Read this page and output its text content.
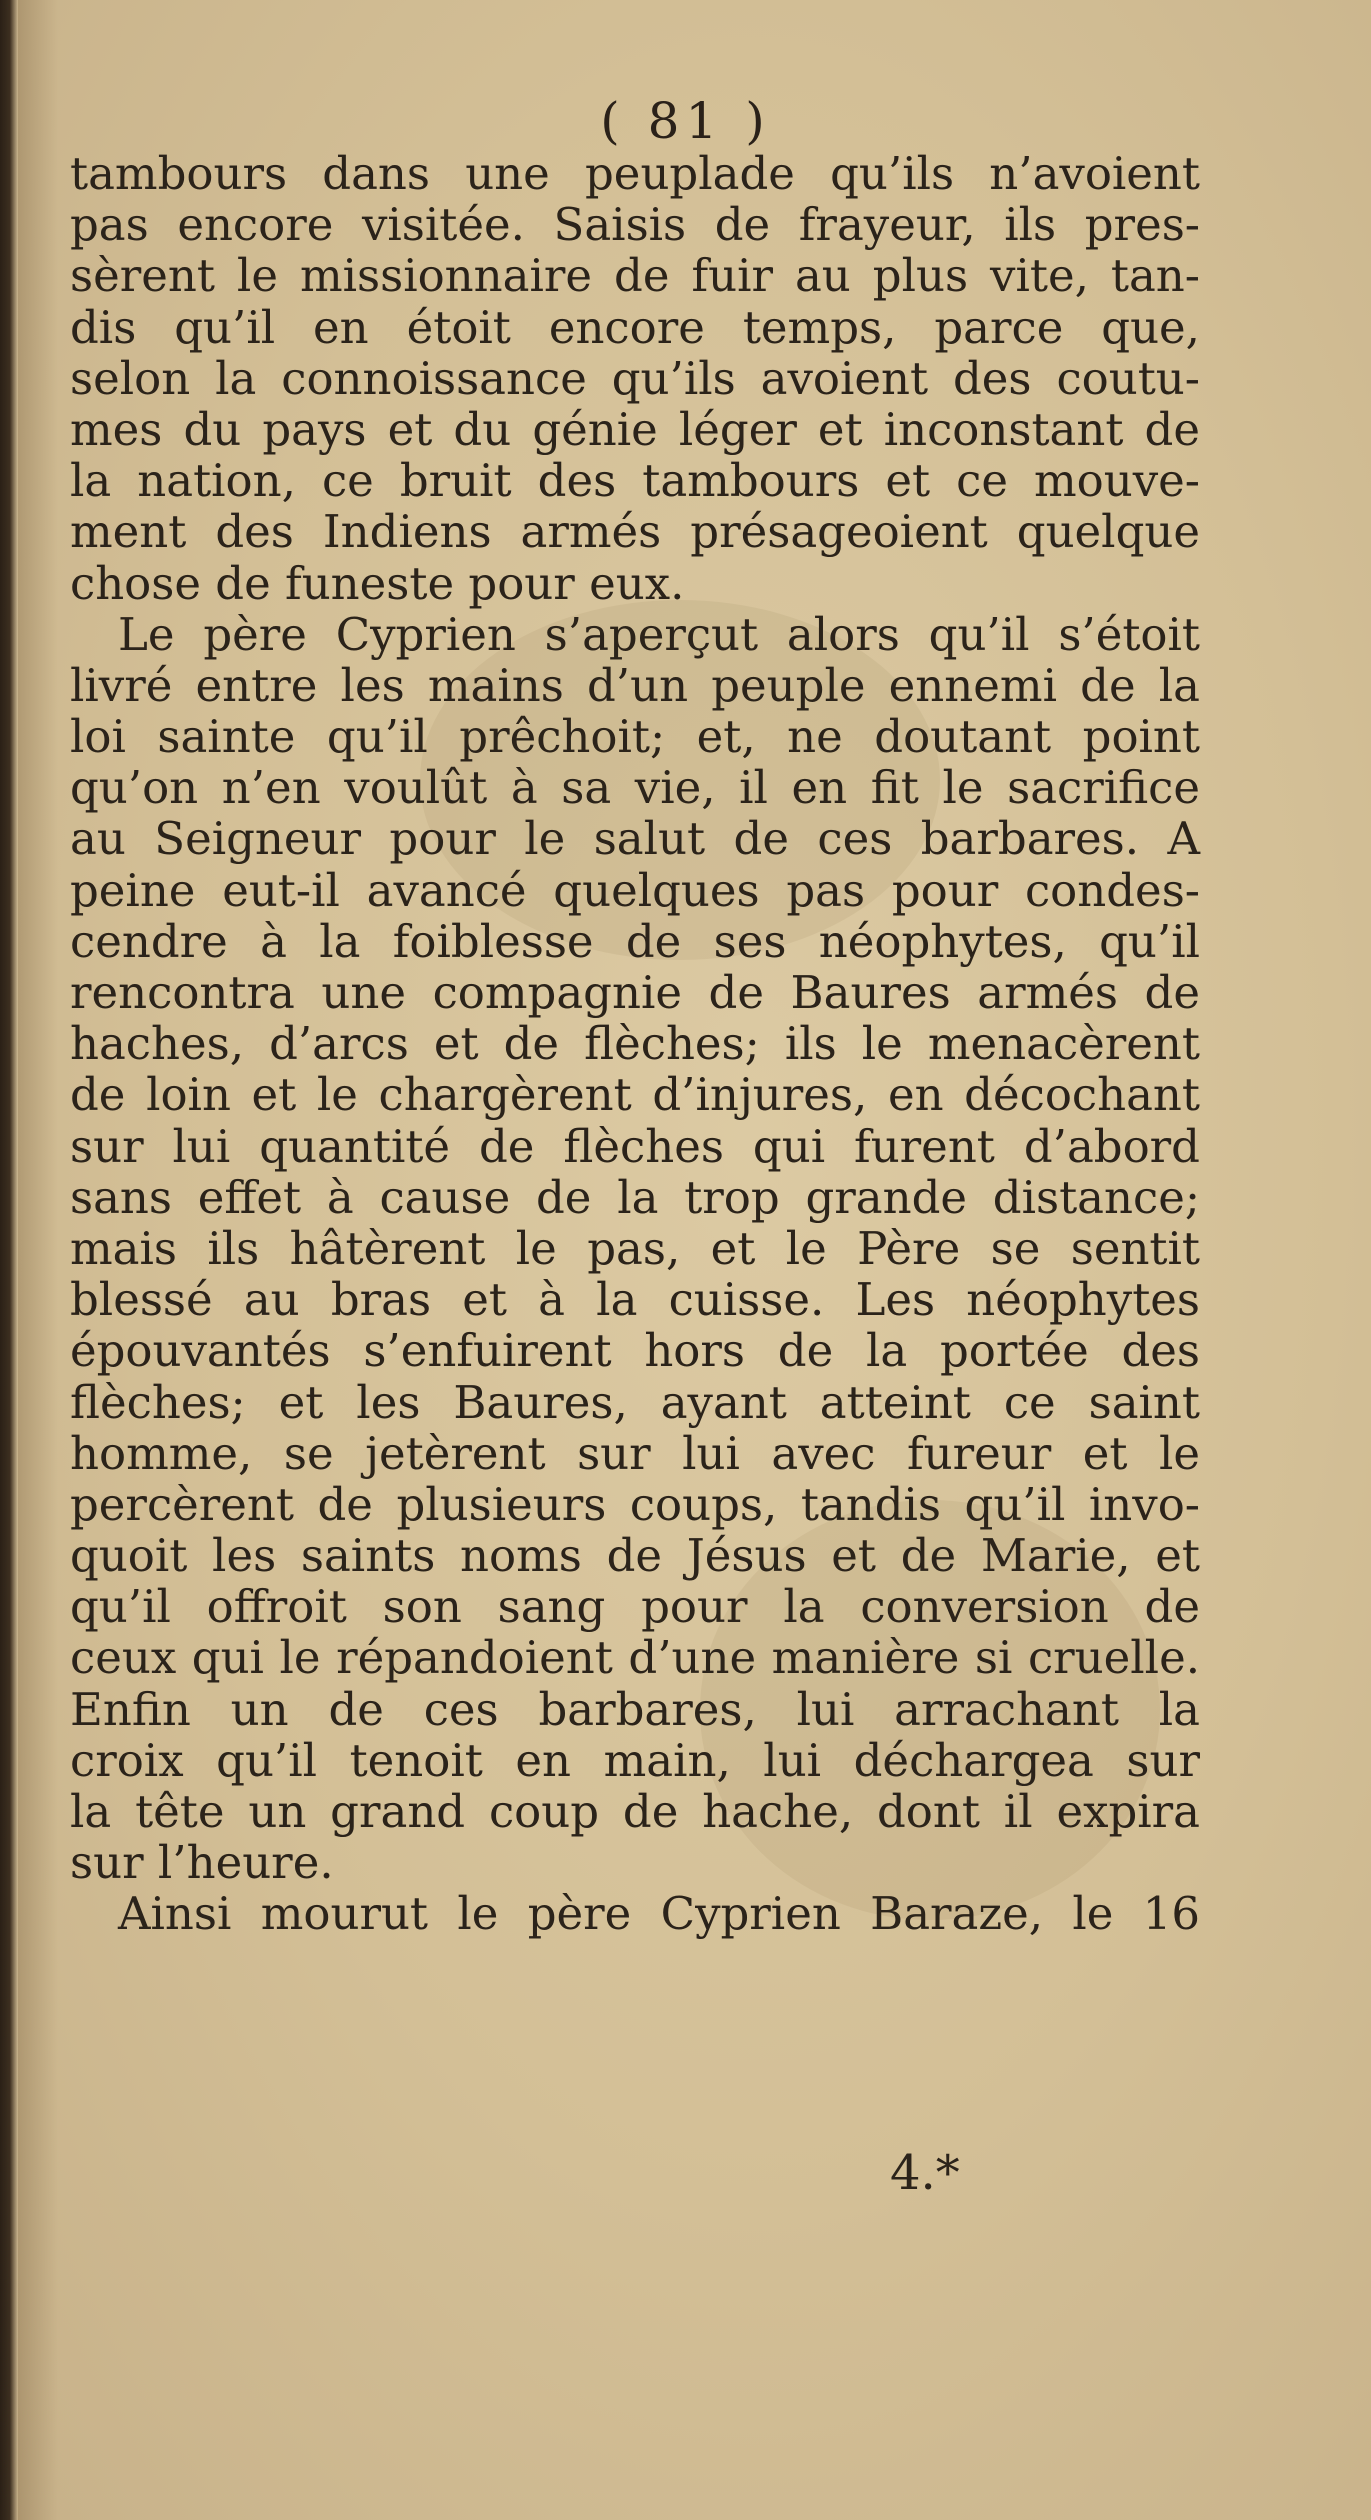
( 81 )
tambours dans une peuplade qu’ils n’avoient
pas encore visitée. Saisis de frayeur, ils pres-
sèrent le missionnaire de fuir au plus vite, tan-
dis qu’il en étoit encore temps, parce que,
selon la connoissance qu’ils avoient des coutu-
mes du pays et du génie léger et inconstant de
la nation, ce bruit des tambours et ce mouve-
ment des Indiens armés présageoient quelque
chose de funeste pour eux.
Le père Cyprien s’aperçut alors qu’il s’étoit
livré entre les mains d’un peuple ennemi de la
loi sainte qu’il prêchoit; et, ne doutant point
qu’on n’en voulût à sa vie, il en fit le sacrifice
au Seigneur pour le salut de ces barbares. A
peine eut-il avancé quelques pas pour condes-
cendre à la foiblesse de ses néophytes, qu’il
rencontra une compagnie de Baures armés de
haches, d’arcs et de flèches; ils le menacèrent
de loin et le chargèrent d’injures, en décochant
sur lui quantité de flèches qui furent d’abord
sans effet à cause de la trop grande distance;
mais ils hâtèrent le pas, et le Père se sentit
blessé au bras et à la cuisse. Les néophytes
épouvantés s’enfuirent hors de la portée des
flèches; et les Baures, ayant atteint ce saint
homme, se jetèrent sur lui avec fureur et le
percèrent de plusieurs coups, tandis qu’il invo-
quoit les saints noms de Jésus et de Marie, et
qu’il offroit son sang pour la conversion de
ceux qui le répandoient d’une manière si cruelle.
Enfin un de ces barbares, lui arrachant la
croix qu’il tenoit en main, lui déchargea sur
la tête un grand coup de hache, dont il expira
sur l’heure.
Ainsi mourut le père Cyprien Baraze, le 16
4.*
